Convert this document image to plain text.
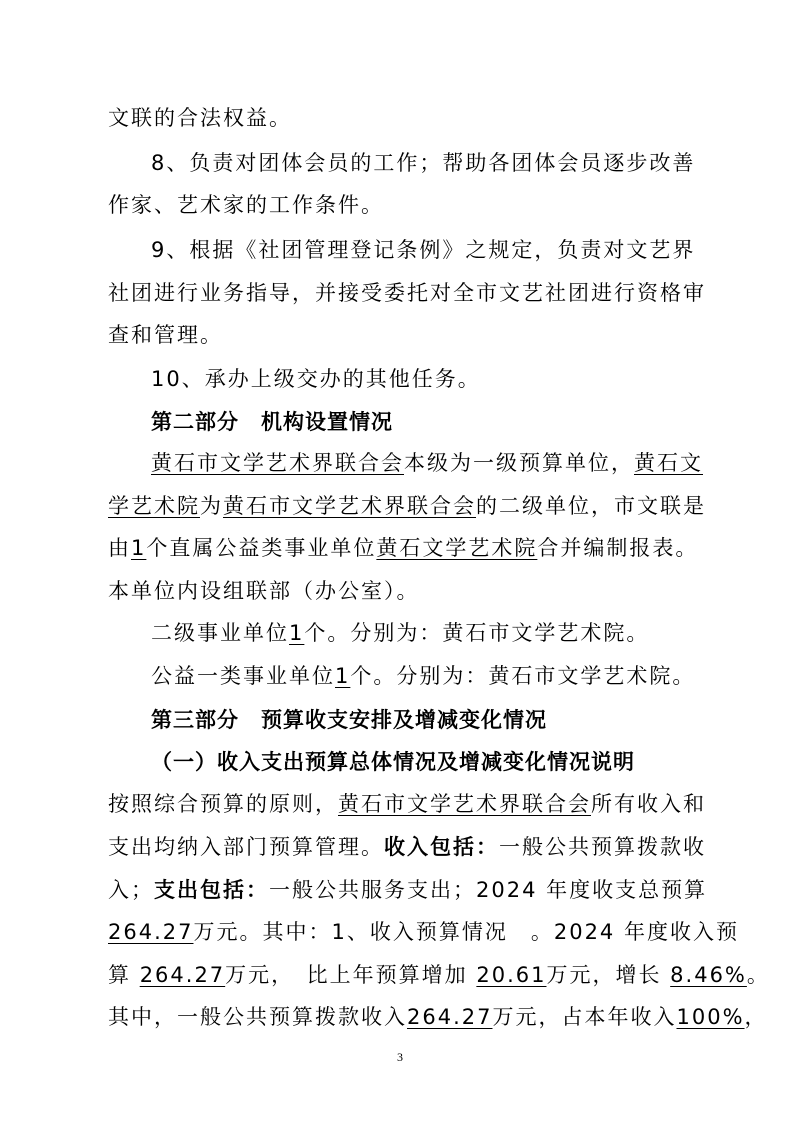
文联的合法权益。
8、负责对团体会员的工作；帮助各团体会员逐步改善
作家、艺术家的工作条件。
9、根据《社团管理登记条例》之规定，负责对文艺界
社团进行业务指导，并接受委托对全市文艺社团进行资格审
查和管理。
10、承办上级交办的其他任务。
第二部分　机构设置情况
黄石市文学艺术界联合会本级为一级预算单位，黄石文
学艺术院为黄石市文学艺术界联合会的二级单位，市文联是
由1个直属公益类事业单位黄石文学艺术院合并编制报表。
本单位内设组联部（办公室）。
二级事业单位1个。分别为：黄石市文学艺术院。
公益一类事业单位1个。分别为：黄石市文学艺术院。
第三部分　预算收支安排及增减变化情况
（一）收入支出预算总体情况及增减变化情况说明
按照综合预算的原则，黄石市文学艺术界联合会所有收入和
支出均纳入部门预算管理。收入包括：一般公共预算拨款收
入；支出包括：一般公共服务支出；2024 年度收支总预算
264.27万元。其中：1、收入预算情况　。2024 年度收入预
算 264.27万元，　比上年预算增加 20.61万元，增长 8.46%。
其中，一般公共预算拨款收入264.27万元，占本年收入100%，
3
